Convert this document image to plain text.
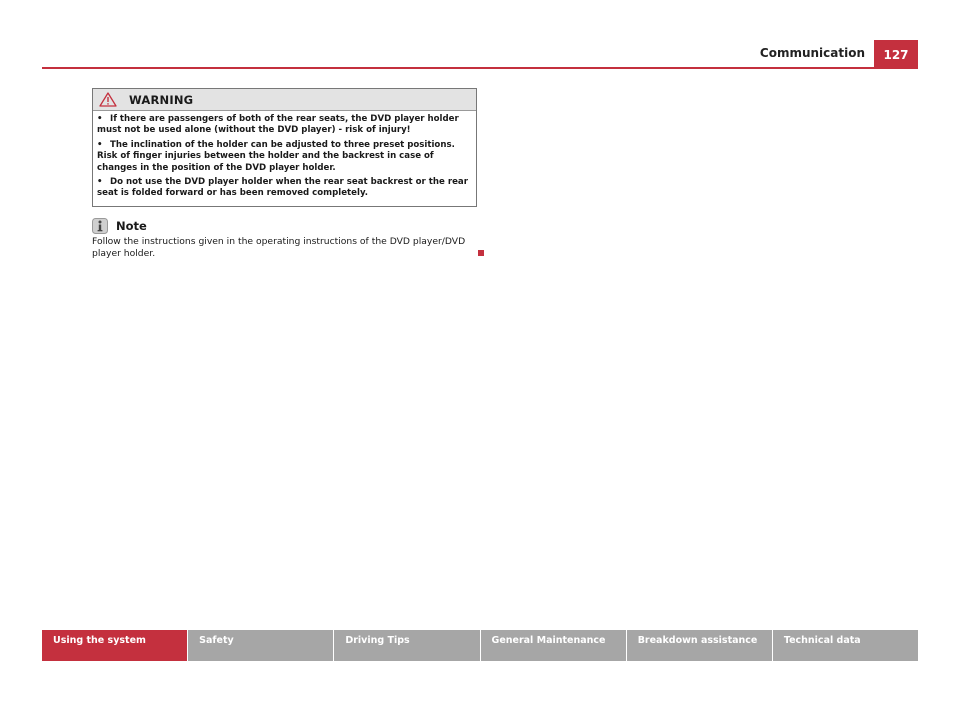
Communication	127
WARNING
• If there are passengers of both of the rear seats, the DVD player holder must not be used alone (without the DVD player) - risk of injury!
• The inclination of the holder can be adjusted to three preset positions. Risk of finger injuries between the holder and the backrest in case of changes in the position of the DVD player holder.
• Do not use the DVD player holder when the rear seat backrest or the rear seat is folded forward or has been removed completely.
Note
Follow the instructions given in the operating instructions of the DVD player/DVD player holder.
Using the system	Safety	Driving Tips	General Maintenance	Breakdown assistance	Technical data
